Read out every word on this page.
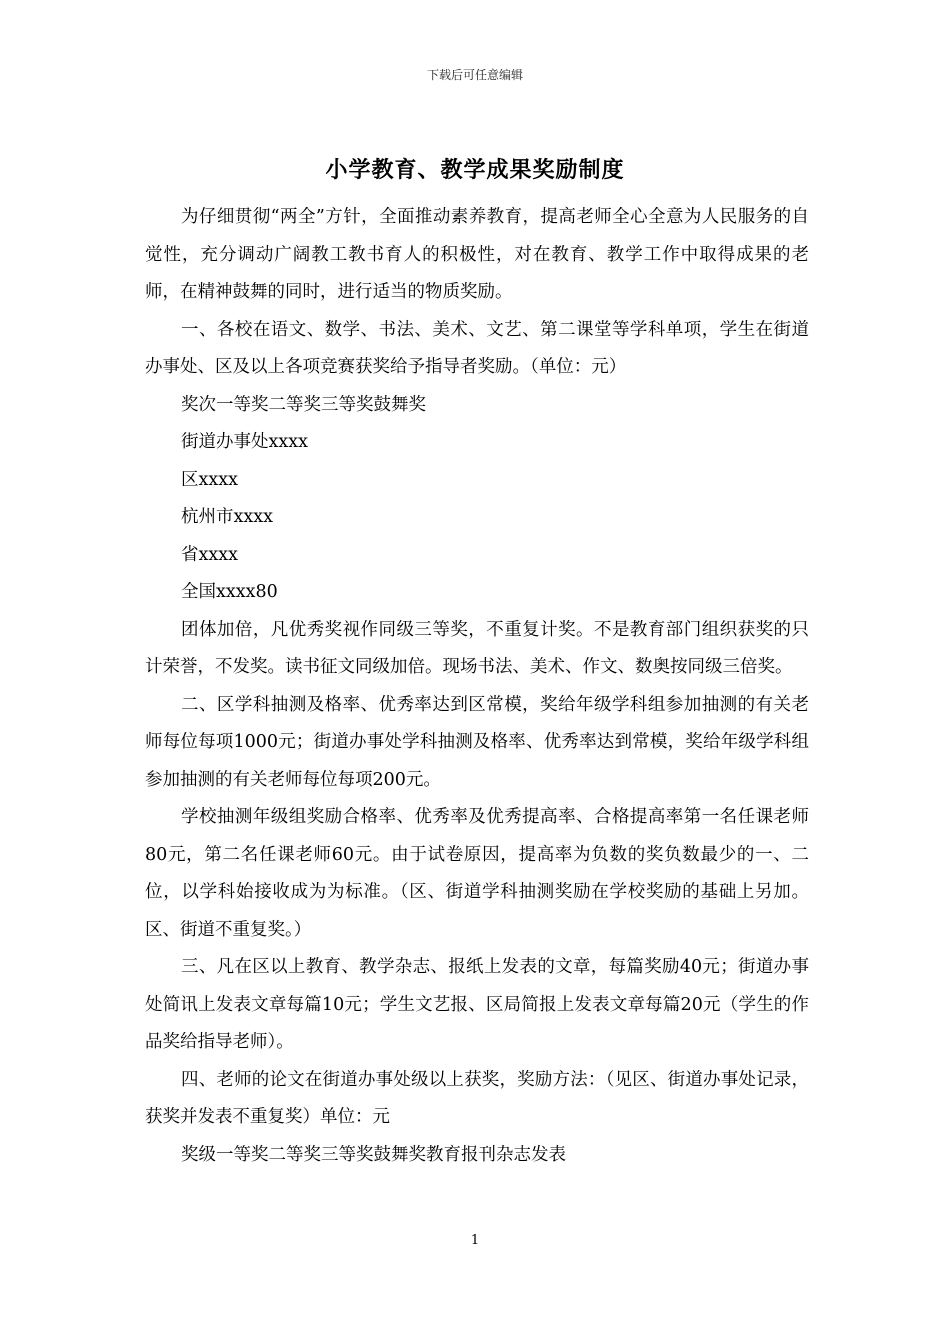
下载后可任意编辑
小学教育、教学成果奖励制度

为仔细贯彻“两全”方针，全面推动素养教育，提高老师全心全意为人民服务的自觉性，充分调动广阔教工教书育人的积极性，对在教育、教学工作中取得成果的老师，在精神鼓舞的同时，进行适当的物质奖励。

一、各校在语文、数学、书法、美术、文艺、第二课堂等学科单项，学生在街道办事处、区及以上各项竞赛获奖给予指导者奖励。（单位：元）

奖次一等奖二等奖三等奖鼓舞奖

街道办事处xxxx

区xxxx

杭州市xxxx

省xxxx

全国xxxx80

团体加倍，凡优秀奖视作同级三等奖，不重复计奖。不是教育部门组织获奖的只计荣誉，不发奖。读书征文同级加倍。现场书法、美术、作文、数奥按同级三倍奖。

二、区学科抽测及格率、优秀率达到区常模，奖给年级学科组参加抽测的有关老师每位每项1000元；街道办事处学科抽测及格率、优秀率达到常模，奖给年级学科组参加抽测的有关老师每位每项200元。

学校抽测年级组奖励合格率、优秀率及优秀提高率、合格提高率第一名任课老师80元，第二名任课老师60元。由于试卷原因，提高率为负数的奖负数最少的一、二位，以学科始接收成为为标准。（区、街道学科抽测奖励在学校奖励的基础上另加。区、街道不重复奖。）

三、凡在区以上教育、教学杂志、报纸上发表的文章，每篇奖励40元；街道办事处简讯上发表文章每篇10元；学生文艺报、区局简报上发表文章每篇20元（学生的作品奖给指导老师）。

四、老师的论文在街道办事处级以上获奖，奖励方法：（见区、街道办事处记录，获奖并发表不重复奖）单位：元

奖级一等奖二等奖三等奖鼓舞奖教育报刊杂志发表

1
